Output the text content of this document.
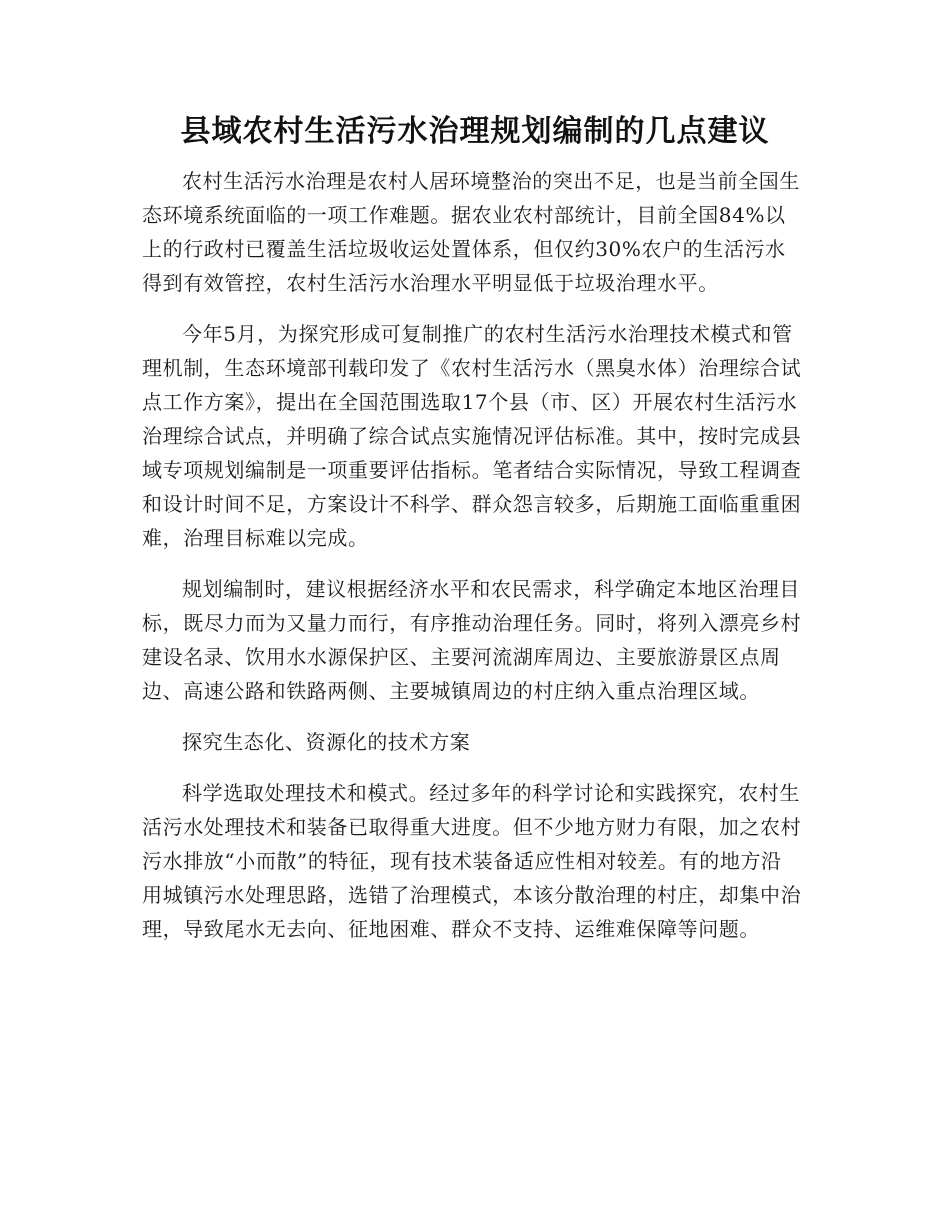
县域农村生活污水治理规划编制的几点建议

农村生活污水治理是农村人居环境整治的突出不足，也是当前全国生态环境系统面临的一项工作难题。据农业农村部统计，目前全国84%以上的行政村已覆盖生活垃圾收运处置体系，但仅约30%农户的生活污水得到有效管控，农村生活污水治理水平明显低于垃圾治理水平。

今年5月，为探究形成可复制推广的农村生活污水治理技术模式和管理机制，生态环境部刊载印发了《农村生活污水（黑臭水体）治理综合试点工作方案》，提出在全国范围选取17个县（市、区）开展农村生活污水治理综合试点，并明确了综合试点实施情况评估标准。其中，按时完成县域专项规划编制是一项重要评估指标。笔者结合实际情况，导致工程调查和设计时间不足，方案设计不科学、群众怨言较多，后期施工面临重重困难，治理目标难以完成。

规划编制时，建议根据经济水平和农民需求，科学确定本地区治理目标，既尽力而为又量力而行，有序推动治理任务。同时，将列入漂亮乡村建设名录、饮用水水源保护区、主要河流湖库周边、主要旅游景区点周边、高速公路和铁路两侧、主要城镇周边的村庄纳入重点治理区域。

探究生态化、资源化的技术方案

科学选取处理技术和模式。经过多年的科学讨论和实践探究，农村生活污水处理技术和装备已取得重大进度。但不少地方财力有限，加之农村污水排放“小而散”的特征，现有技术装备适应性相对较差。有的地方沿用城镇污水处理思路，选错了治理模式，本该分散治理的村庄，却集中治理，导致尾水无去向、征地困难、群众不支持、运维难保障等问题。
